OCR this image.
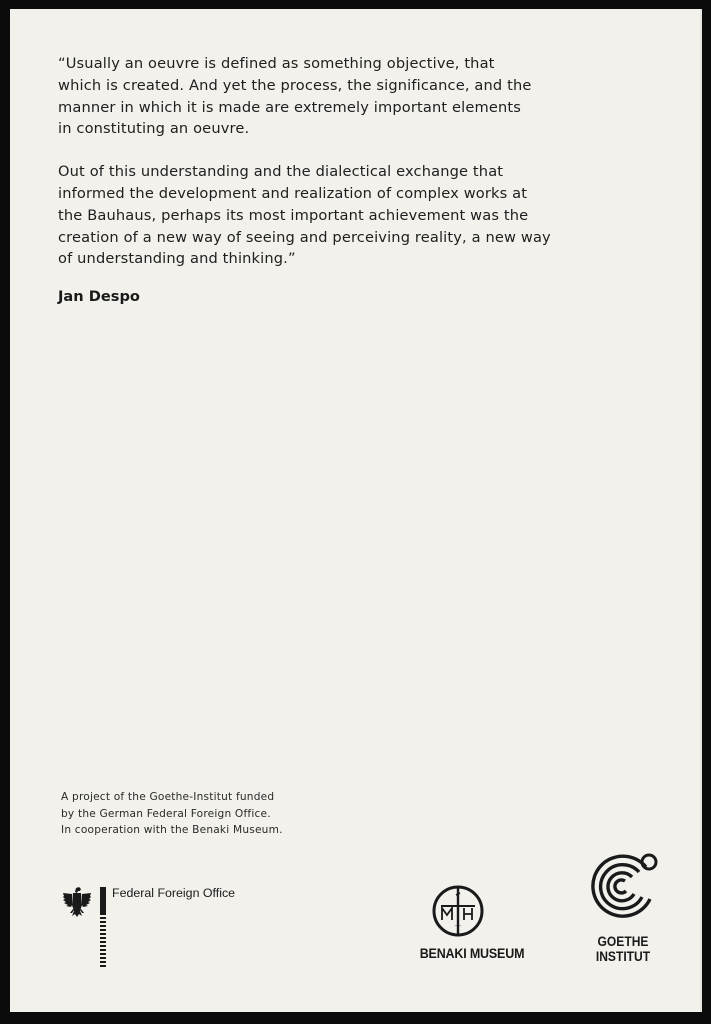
“Usually an oeuvre is defined as something objective, that
which is created. And yet the process, the significance, and the
manner in which it is made are extremely important elements
in constituting an oeuvre.

Out of this understanding and the dialectical exchange that
informed the development and realization of complex works at
the Bauhaus, perhaps its most important achievement was the
creation of a new way of seeing and perceiving reality, a new way
of understanding and thinking.”

Jan Despo

A project of the Goethe-Institut funded
by the German Federal Foreign Office.
In cooperation with the Benaki Museum.
Federal Foreign Office
⌒
BENAKI MUSEUM
GOETHE
INSTITUT
